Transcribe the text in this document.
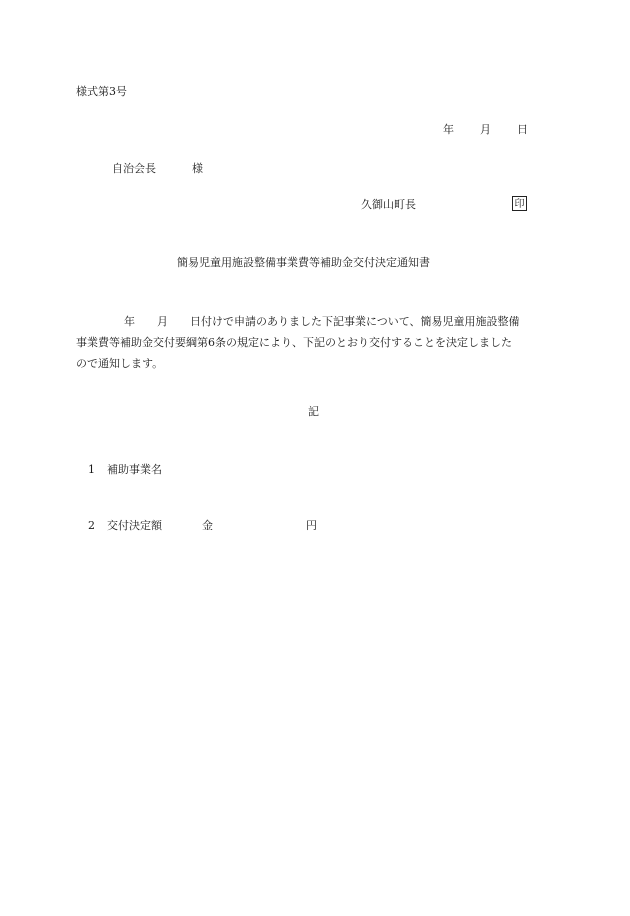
様式第3号
年 月 日
自治会長	様
久御山町長	印
簡易児童用施設整備事業費等補助金交付決定通知書
年　　月　　日付けで申請のありました下記事業について、簡易児童用施設整備
事業費等補助金交付要綱第6条の規定により、下記のとおり交付することを決定しました
ので通知します。
記
1 補助事業名
2 交付決定額	金	円
